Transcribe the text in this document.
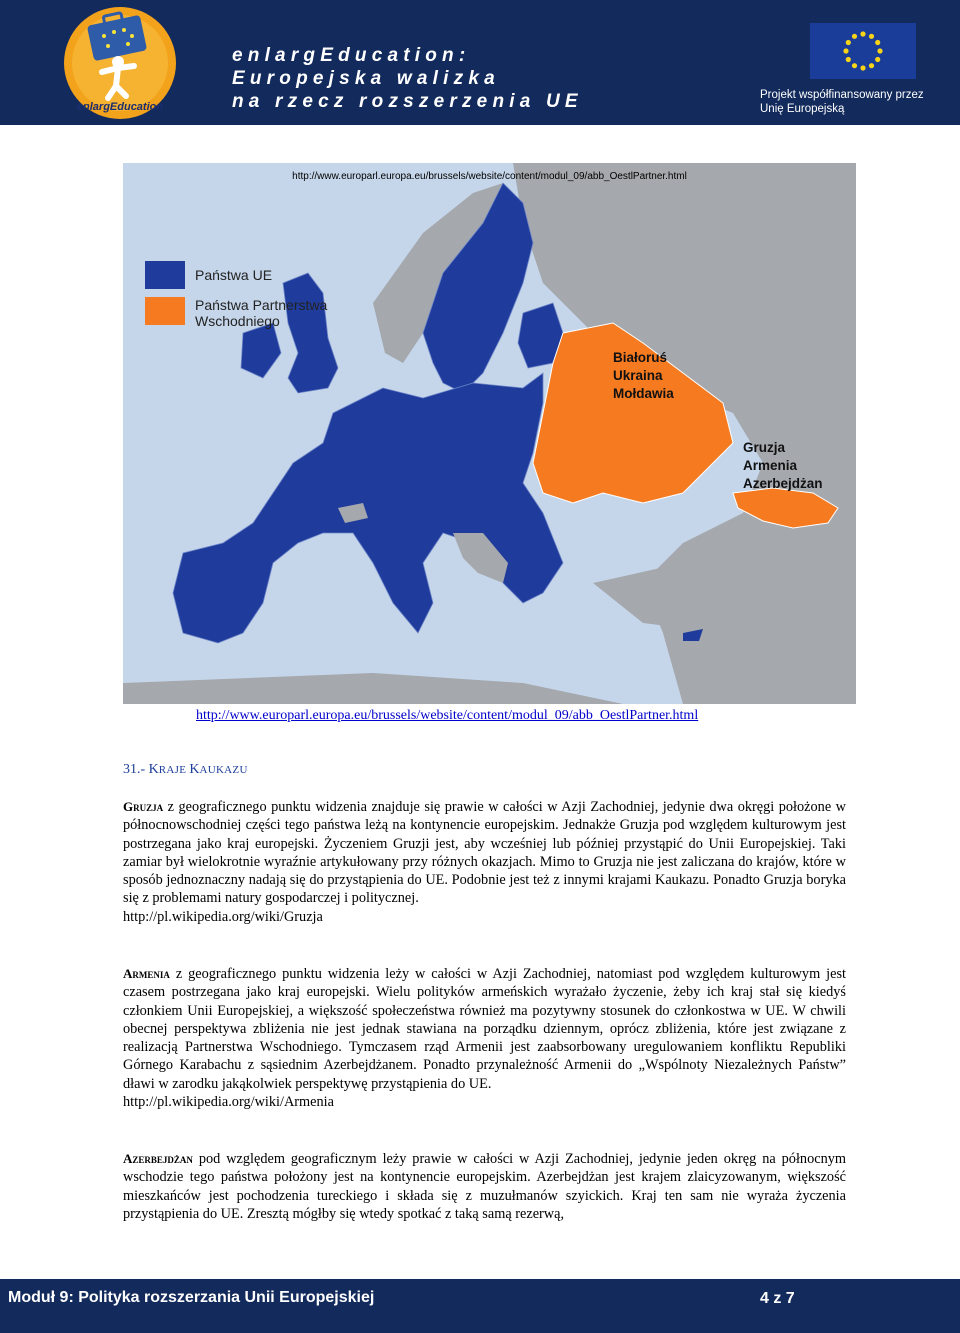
enlargEducation
enlargEducation:
Europejska walizka
na rzecz rozszerzenia UE	Projekt współfinansowany przez
Unię Europejską
http://www.europarl.europa.eu/brussels/website/content/modul_09/abb_OestlPartner.html
Państwa UE
Państwa Partnerstwa
Wschodniego
Białoruś
Ukraina
Mołdawia
Gruzja
Armenia
Azerbejdżan
http://www.europarl.europa.eu/brussels/website/content/modul_09/abb_OestlPartner.html
31.- KRAJE KAUKAZU
Gruzja z geograficznego punktu widzenia znajduje się prawie w całości w Azji Zachodniej, jedynie dwa okręgi położone w północnowschodniej części tego państwa leżą na kontynencie europejskim. Jednakże Gruzja pod względem kulturowym jest postrzegana jako kraj europejski. Życzeniem Gruzji jest, aby wcześniej lub później przystąpić do Unii Europejskiej. Taki zamiar był wielokrotnie wyraźnie artykułowany przy różnych okazjach. Mimo to Gruzja nie jest zaliczana do krajów, które w sposób jednoznaczny nadają się do przystąpienia do UE. Podobnie jest też z innymi krajami Kaukazu. Ponadto Gruzja boryka się z problemami natury gospodarczej i politycznej.
http://pl.wikipedia.org/wiki/Gruzja
Armenia z geograficznego punktu widzenia leży w całości w Azji Zachodniej, natomiast pod względem kulturowym jest czasem postrzegana jako kraj europejski. Wielu polityków armeńskich wyrażało życzenie, żeby ich kraj stał się kiedyś członkiem Unii Europejskiej, a większość społeczeństwa również ma pozytywny stosunek do członkostwa w UE. W chwili obecnej perspektywa zbliżenia nie jest jednak stawiana na porządku dziennym, oprócz zbliżenia, które jest związane z realizacją Partnerstwa Wschodniego. Tymczasem rząd Armenii jest zaabsorbowany uregulowaniem konfliktu Republiki Górnego Karabachu z sąsiednim Azerbejdżanem. Ponadto przynależność Armenii do „Wspólnoty Niezależnych Państw” dławi w zarodku jakąkolwiek perspektywę przystąpienia do UE.
http://pl.wikipedia.org/wiki/Armenia
Azerbejdżan pod względem geograficznym leży prawie w całości w Azji Zachodniej, jedynie jeden okręg na północnym wschodzie tego państwa położony jest na kontynencie europejskim. Azerbejdżan jest krajem zlaicyzowanym, większość mieszkańców jest pochodzenia tureckiego i składa się z muzułmanów szyickich. Kraj ten sam nie wyraża życzenia przystąpienia do UE. Zresztą mógłby się wtedy spotkać z taką samą rezerwą,
Moduł 9: Polityka rozszerzania Unii Europejskiej	4 z 7
